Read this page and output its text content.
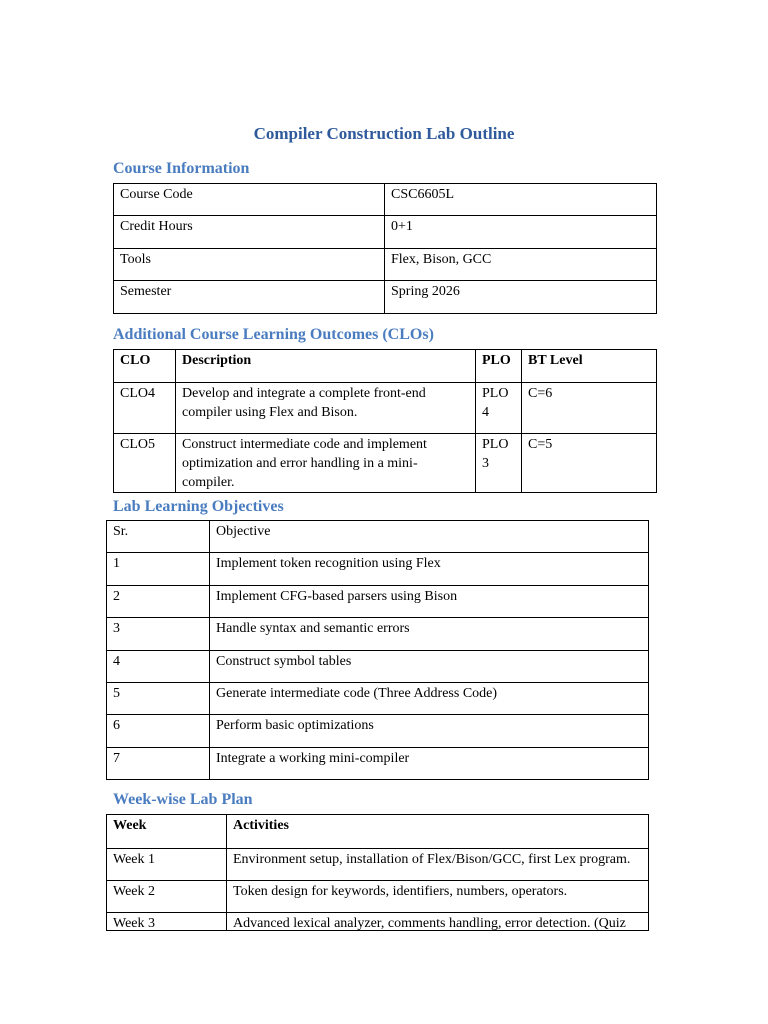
Compiler Construction Lab Outline
Course Information
Course Code	CSC6605L

Credit Hours	0+1

Tools	Flex, Bison, GCC

Semester	Spring 2026
Additional Course Learning Outcomes (CLOs)
CLO	Description	PLO	BT Level

CLO4	Develop and integrate a complete front-end compiler using Flex and Bison.	PLO 4	C=6

CLO5	Construct intermediate code and implement optimization and error handling in a mini-compiler.	PLO 3	C=5
Lab Learning Objectives
Sr.	Objective

1	Implement token recognition using Flex

2	Implement CFG-based parsers using Bison

3	Handle syntax and semantic errors

4	Construct symbol tables

5	Generate intermediate code (Three Address Code)

6	Perform basic optimizations

7	Integrate a working mini-compiler
Week-wise Lab Plan
Week	Activities

Week 1	Environment setup, installation of Flex/Bison/GCC, first Lex program.

Week 2	Token design for keywords, identifiers, numbers, operators.

Week 3	Advanced lexical analyzer, comments handling, error detection. (Quiz
